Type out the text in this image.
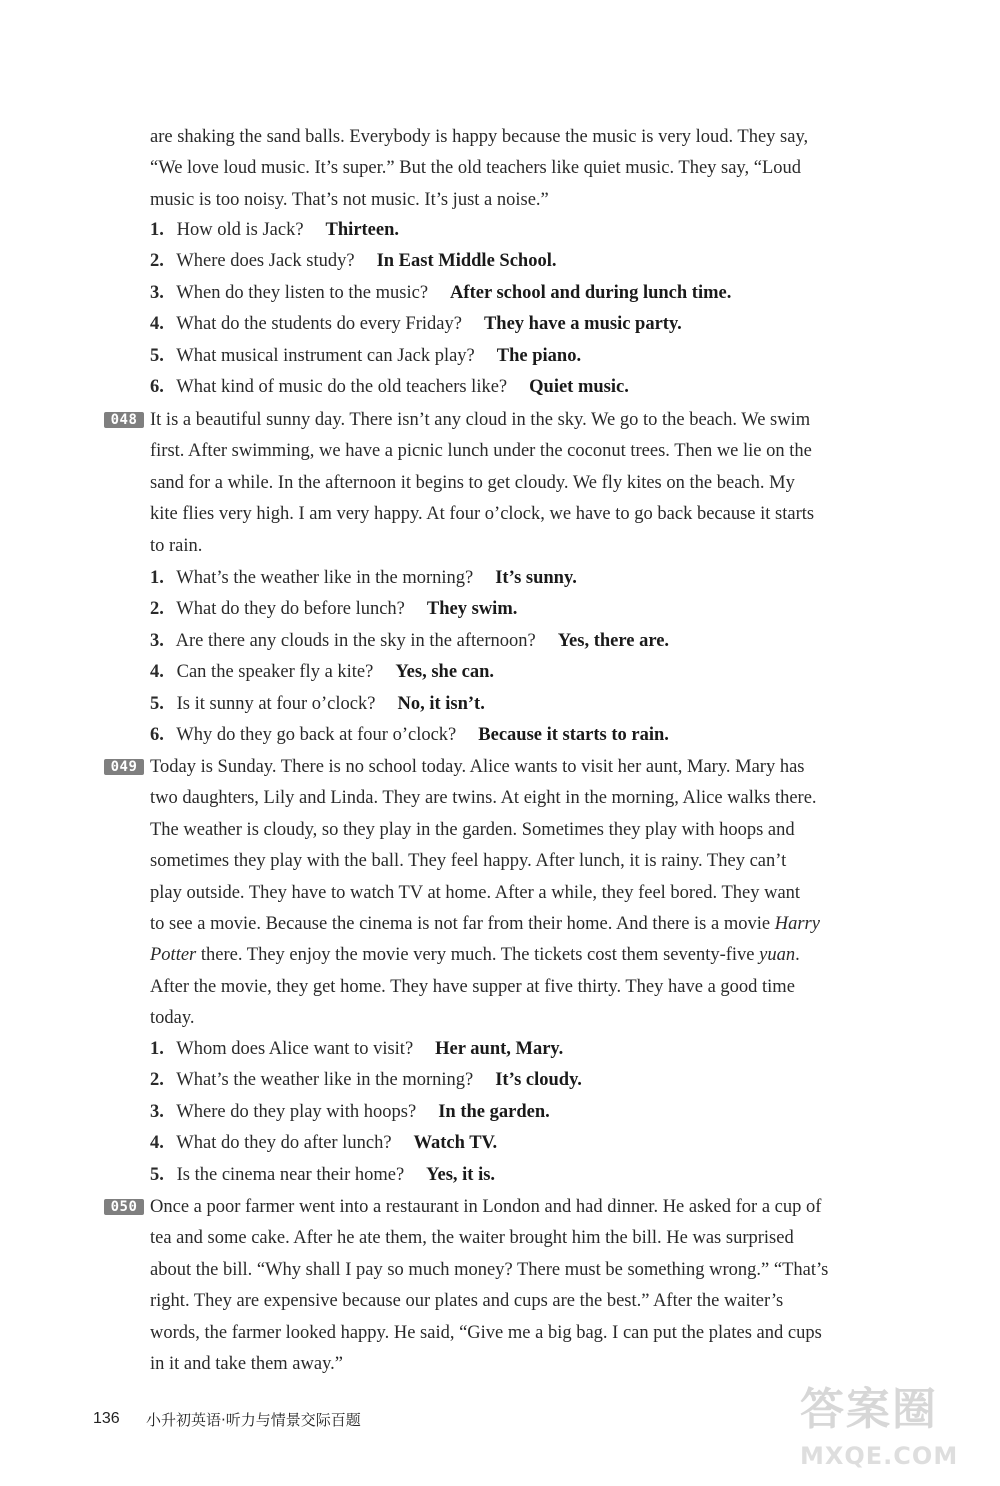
are shaking the sand balls. Everybody is happy because the music is very loud. They say,
“We love loud music. It’s super.” But the old teachers like quiet music. They say, “Loud
music is too noisy. That’s not music. It’s just a noise.”
1. How old is Jack? Thirteen.
2. Where does Jack study? In East Middle School.
3. When do they listen to the music? After school and during lunch time.
4. What do the students do every Friday? They have a music party.
5. What musical instrument can Jack play? The piano.
6. What kind of music do the old teachers like? Quiet music.
048 It is a beautiful sunny day. There isn’t any cloud in the sky. We go to the beach. We swim
first. After swimming, we have a picnic lunch under the coconut trees. Then we lie on the
sand for a while. In the afternoon it begins to get cloudy. We fly kites on the beach. My
kite flies very high. I am very happy. At four o’clock, we have to go back because it starts
to rain.
1. What’s the weather like in the morning? It’s sunny.
2. What do they do before lunch? They swim.
3. Are there any clouds in the sky in the afternoon? Yes, there are.
4. Can the speaker fly a kite? Yes, she can.
5. Is it sunny at four o’clock? No, it isn’t.
6. Why do they go back at four o’clock? Because it starts to rain.
049 Today is Sunday. There is no school today. Alice wants to visit her aunt, Mary. Mary has
two daughters, Lily and Linda. They are twins. At eight in the morning, Alice walks there.
The weather is cloudy, so they play in the garden. Sometimes they play with hoops and
sometimes they play with the ball. They feel happy. After lunch, it is rainy. They can’t
play outside. They have to watch TV at home. After a while, they feel bored. They want
to see a movie. Because the cinema is not far from their home. And there is a movie Harry
Potter there. They enjoy the movie very much. The tickets cost them seventy-five yuan.
After the movie, they get home. They have supper at five thirty. They have a good time
today.
1. Whom does Alice want to visit? Her aunt, Mary.
2. What’s the weather like in the morning? It’s cloudy.
3. Where do they play with hoops? In the garden.
4. What do they do after lunch? Watch TV.
5. Is the cinema near their home? Yes, it is.
050 Once a poor farmer went into a restaurant in London and had dinner. He asked for a cup of
tea and some cake. After he ate them, the waiter brought him the bill. He was surprised
about the bill. “Why shall I pay so much money? There must be something wrong.” “That’s
right. They are expensive because our plates and cups are the best.” After the waiter’s
words, the farmer looked happy. He said, “Give me a big bag. I can put the plates and cups
in it and take them away.”
136 小升初英语·听力与情景交际百题	答案圈
MXQE.COM
